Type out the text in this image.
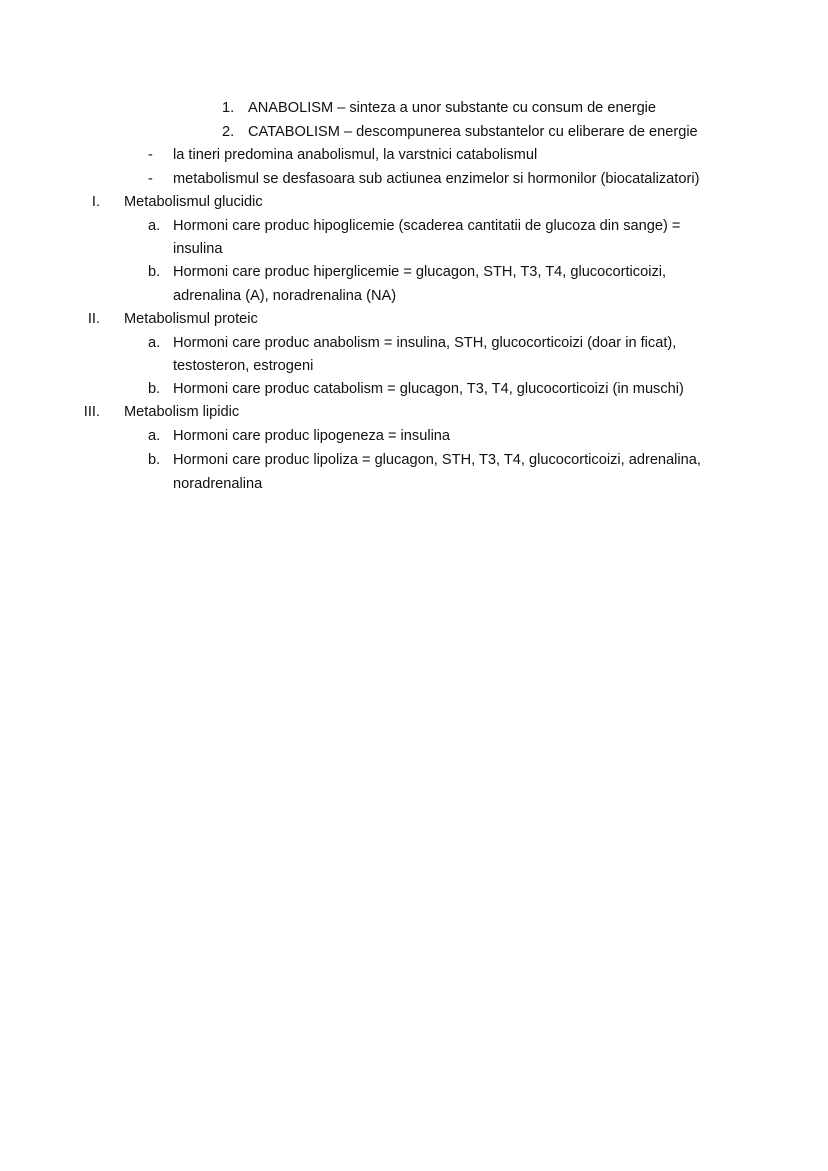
1. ANABOLISM – sinteza a unor substante cu consum de energie
2. CATABOLISM – descompunerea substantelor cu eliberare de energie
- la tineri predomina anabolismul, la varstnici catabolismul
- metabolismul se desfasoara sub actiunea enzimelor si hormonilor (biocatalizatori)
I. Metabolismul glucidic
a. Hormoni care produc hipoglicemie (scaderea cantitatii de glucoza din sange) =
insulina
b. Hormoni care produc hiperglicemie = glucagon, STH, T3, T4, glucocorticoizi,
adrenalina (A), noradrenalina (NA)
II. Metabolismul proteic
a. Hormoni care produc anabolism = insulina, STH, glucocorticoizi (doar in ficat),
testosteron, estrogeni
b. Hormoni care produc catabolism = glucagon, T3, T4, glucocorticoizi (in muschi)
III. Metabolism lipidic
a. Hormoni care produc lipogeneza = insulina
b. Hormoni care produc lipoliza = glucagon, STH, T3, T4, glucocorticoizi, adrenalina,
noradrenalina
